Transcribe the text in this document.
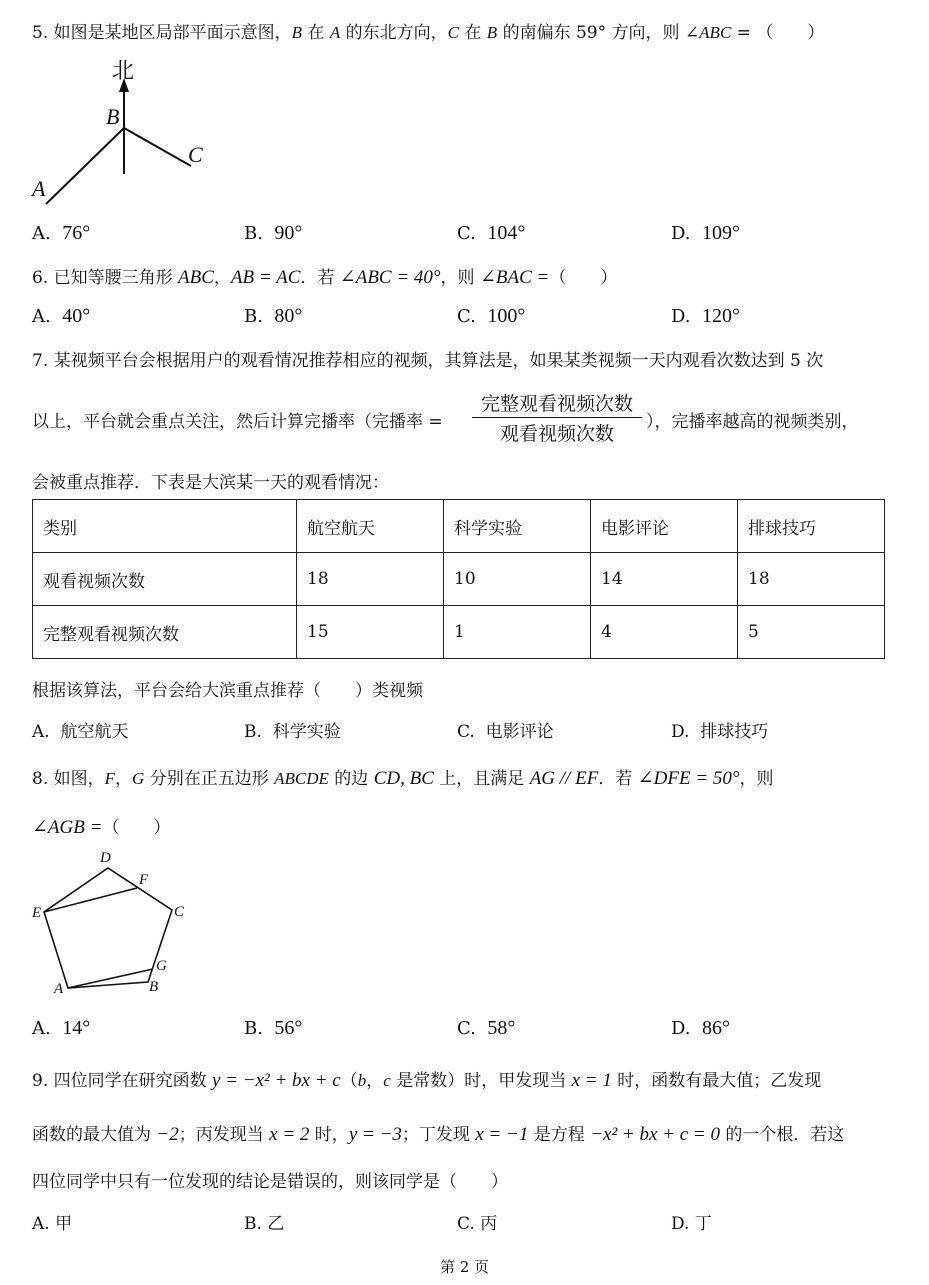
5. 如图是某地区局部平面示意图，B 在 A 的东北方向，C 在 B 的南偏东 59° 方向，则 ∠ABC = （　　）
北
B
C
A
A. 76°	B. 90°	C. 104°	D. 109°
6. 已知等腰三角形 ABC，AB = AC．若 ∠ABC = 40°，则 ∠BAC =（　　）
A. 40°	B. 80°	C. 100°	D. 120°
7. 某视频平台会根据用户的观看情况推荐相应的视频，其算法是，如果某类视频一天内观看次数达到 5 次
以上，平台就会重点关注，然后计算完播率（完播率 =
完整观看视频次数
观看视频次数
），完播率越高的视频类别，
会被重点推荐．下表是大滨某一天的观看情况：
类别	航空航天	科学实验	电影评论	排球技巧
观看视频次数	18	10	14	18
完整观看视频次数	15	1	4	5
根据该算法，平台会给大滨重点推荐（　　）类视频
A. 航空航天	B. 科学实验	C. 电影评论	D. 排球技巧
8. 如图，F，G 分别在正五边形 ABCDE 的边 CD, BC 上，且满足 AG // EF．若 ∠DFE = 50°，则
∠AGB =（　　）
D
F
E	C
G
A	B
A. 14°	B. 56°	C. 58°	D. 86°
9. 四位同学在研究函数 y = −x² + bx + c（b，c 是常数）时，甲发现当 x = 1 时，函数有最大值；乙发现
函数的最大值为 −2；丙发现当 x = 2 时，y = −3；丁发现 x = −1 是方程 −x² + bx + c = 0 的一个根．若这
四位同学中只有一位发现的结论是错误的，则该同学是（　　）
A. 甲	B. 乙	C. 丙	D. 丁
第 2 页
